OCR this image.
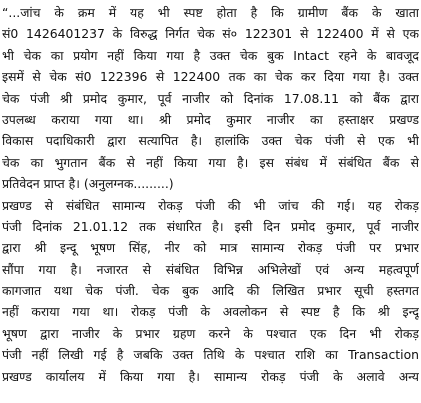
“...जांच के क्रम में यह भी स्पष्ट होता है कि ग्रामीण बैंक के खाता
सं0 1426401237 के विरुद्ध निर्गत चेक सं० 122301 से 122400 में से एक
भी चेक का प्रयोग नहीं किया गया है उक्त चेक बुक Intact रहने के बावजूद
इसमें से चेक सं0 122396 से 122400 तक का चेक कर दिया गया है। उक्त
चेक पंजी श्री प्रमोद कुमार, पूर्व नाजीर को दिनांक 17.08.11 को बैंक द्वारा
उपलब्ध कराया गया था। श्री प्रमोद कुमार नाजीर का हस्ताक्षर प्रखण्ड
विकास पदाधिकारी द्वारा सत्यापित है। हालांकि उक्त चेक पंजी से एक भी
चेक का भुगतान बैंक से नहीं किया गया है। इस संबंध में संबंधित बैंक से
प्रतिवेदन प्राप्त है। (अनुलग्नक.........)
प्रखण्ड से संबंधित सामान्य रोकड़ पंजी की भी जांच की गई। यह रोकड़
पंजी दिनांक 21.01.12 तक संधारित है। इसी दिन प्रमोद कुमार, पूर्व नाजीर
द्वारा श्री इन्दू भूषण सिंह, नीर को मात्र सामान्य रोकड़ पंजी पर प्रभार
सौंपा गया है। नजारत से संबंधित विभिन्न अभिलेखों एवं अन्य महत्वपूर्ण
कागजात यथा चेक पंजी. चेक बुक आदि की लिखित प्रभार सूची हस्तगत
नहीं कराया गया था। रोकड़ पंजी के अवलोकन से स्पष्ट है कि श्री इन्दू
भूषण द्वारा नाजीर के प्रभार ग्रहण करने के पश्चात एक दिन भी रोकड़
पंजी नहीं लिखी गई है जबकि उक्त तिथि के पश्चात राशि का Transaction
प्रखण्ड कार्यालय में किया गया है। सामान्य रोकड़ पंजी के अलावे अन्य
